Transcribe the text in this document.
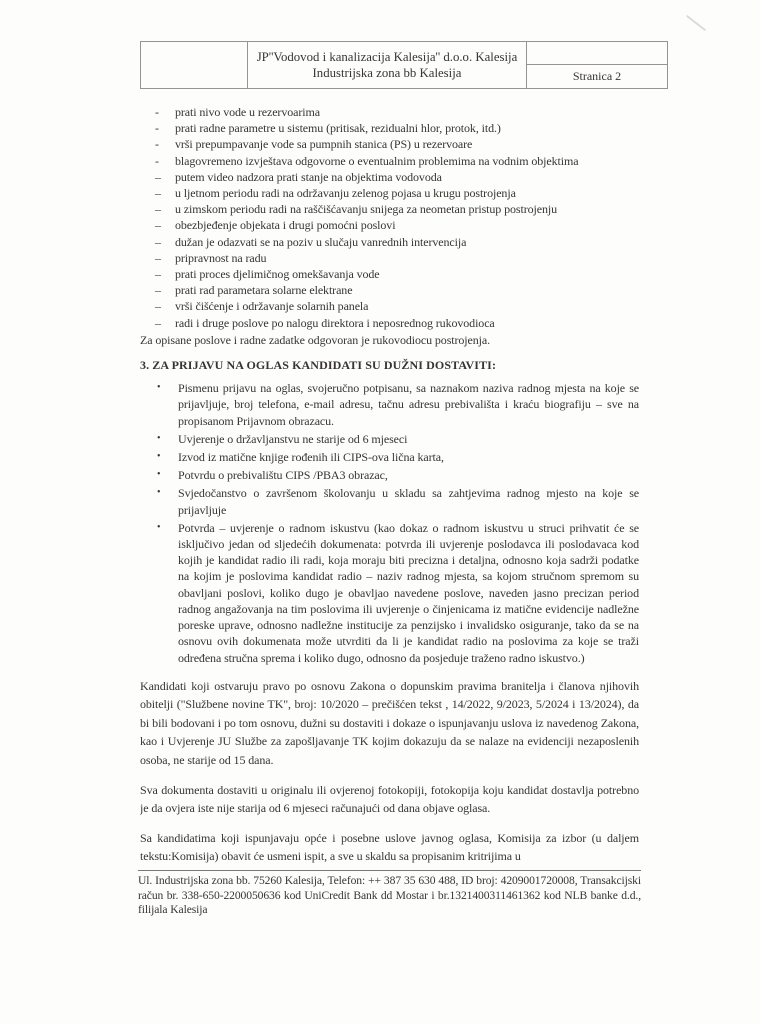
JP''Vodovod i kanalizacija Kalesija'' d.o.o. Kalesija
Industrijska zona bb Kalesija	Stranica 2
-	prati nivo vode u rezervoarima
-	prati radne parametre u sistemu (pritisak, rezidualni hlor, protok, itd.)
-	vrši prepumpavanje vode sa pumpnih stanica (PS) u rezervoare
-	blagovremeno izvještava odgovorne o eventualnim problemima na vodnim objektima
–	putem video nadzora prati stanje na objektima vodovoda
–	u ljetnom periodu radi na održavanju zelenog pojasa u krugu postrojenja
–	u zimskom periodu radi na raščišćavanju snijega za neometan pristup postrojenju
–	obezbjeđenje objekata i drugi pomoćni poslovi
–	dužan je odazvati se na poziv u slučaju vanrednih intervencija
–	pripravnost na radu
–	prati proces djelimičnog omekšavanja vode
–	prati rad parametara solarne elektrane
–	vrši čišćenje i održavanje solarnih panela
–	radi i druge poslove po nalogu direktora i neposrednog rukovodioca
Za opisane poslove i radne zadatke odgovoran je rukovodiocu postrojenja.
3. ZA PRIJAVU NA OGLAS KANDIDATI SU DUŽNI DOSTAVITI:
•	Pismenu prijavu na oglas, svojeručno potpisanu, sa naznakom naziva radnog mjesta na koje se prijavljuje, broj telefona, e-mail adresu, tačnu adresu prebivališta i kraću biografiju – sve na propisanom Prijavnom obrazacu.
•	Uvjerenje o državljanstvu ne starije od 6 mjeseci
•	Izvod iz matične knjige rođenih ili CIPS-ova lična karta,
•	Potvrdu o prebivalištu CIPS /PBA3 obrazac,
•	Svjedočanstvo o završenom školovanju u skladu sa zahtjevima radnog mjesto na koje se prijavljuje
•	Potvrda – uvjerenje o radnom iskustvu (kao dokaz o radnom iskustvu u struci prihvatit će se isključivo jedan od sljedećih dokumenata: potvrda ili uvjerenje poslodavca ili poslodavaca kod kojih je kandidat radio ili radi, koja moraju biti precizna i detaljna, odnosno koja sadrži podatke na kojim je poslovima kandidat radio – naziv radnog mjesta, sa kojom stručnom spremom su obavljani poslovi, koliko dugo je obavljao navedene poslove, naveden jasno precizan period radnog angažovanja na tim poslovima ili uvjerenje o činjenicama iz matične evidencije nadležne poreske uprave, odnosno nadležne institucije za penzijsko i invalidsko osiguranje, tako da se na osnovu ovih dokumenata može utvrditi da li je kandidat radio na poslovima za koje se traži određena stručna sprema i koliko dugo, odnosno da posjeduje traženo radno iskustvo.)

Kandidati koji ostvaruju pravo po osnovu Zakona o dopunskim pravima branitelja i članova njihovih obitelji ("Službene novine TK", broj: 10/2020 – prečišćen tekst , 14/2022, 9/2023, 5/2024 i 13/2024), da bi bili bodovani i po tom osnovu, dužni su dostaviti i dokaze o ispunjavanju uslova iz navedenog Zakona, kao i Uvjerenje JU Službe za zapošljavanje TK kojim dokazuju da se nalaze na evidenciji nezaposlenih osoba, ne starije od 15 dana.

Sva dokumenta dostaviti u originalu ili ovjerenoj fotokopiji, fotokopija koju kandidat dostavlja potrebno je da ovjera iste nije starija od 6 mjeseci računajući od dana objave oglasa.

Sa kandidatima koji ispunjavaju opće i posebne uslove javnog oglasa, Komisija za izbor (u daljem tekstu:Komisija) obavit će usmeni ispit, a sve u skaldu sa propisanim kritrijima u

Ul. Industrijska zona bb. 75260 Kalesija, Telefon: ++ 387 35 630 488, ID broj: 4209001720008, Transakcijski račun br. 338-650-2200050636 kod UniCredit Bank dd Mostar i br.1321400311461362 kod NLB banke d.d., filijala Kalesija
